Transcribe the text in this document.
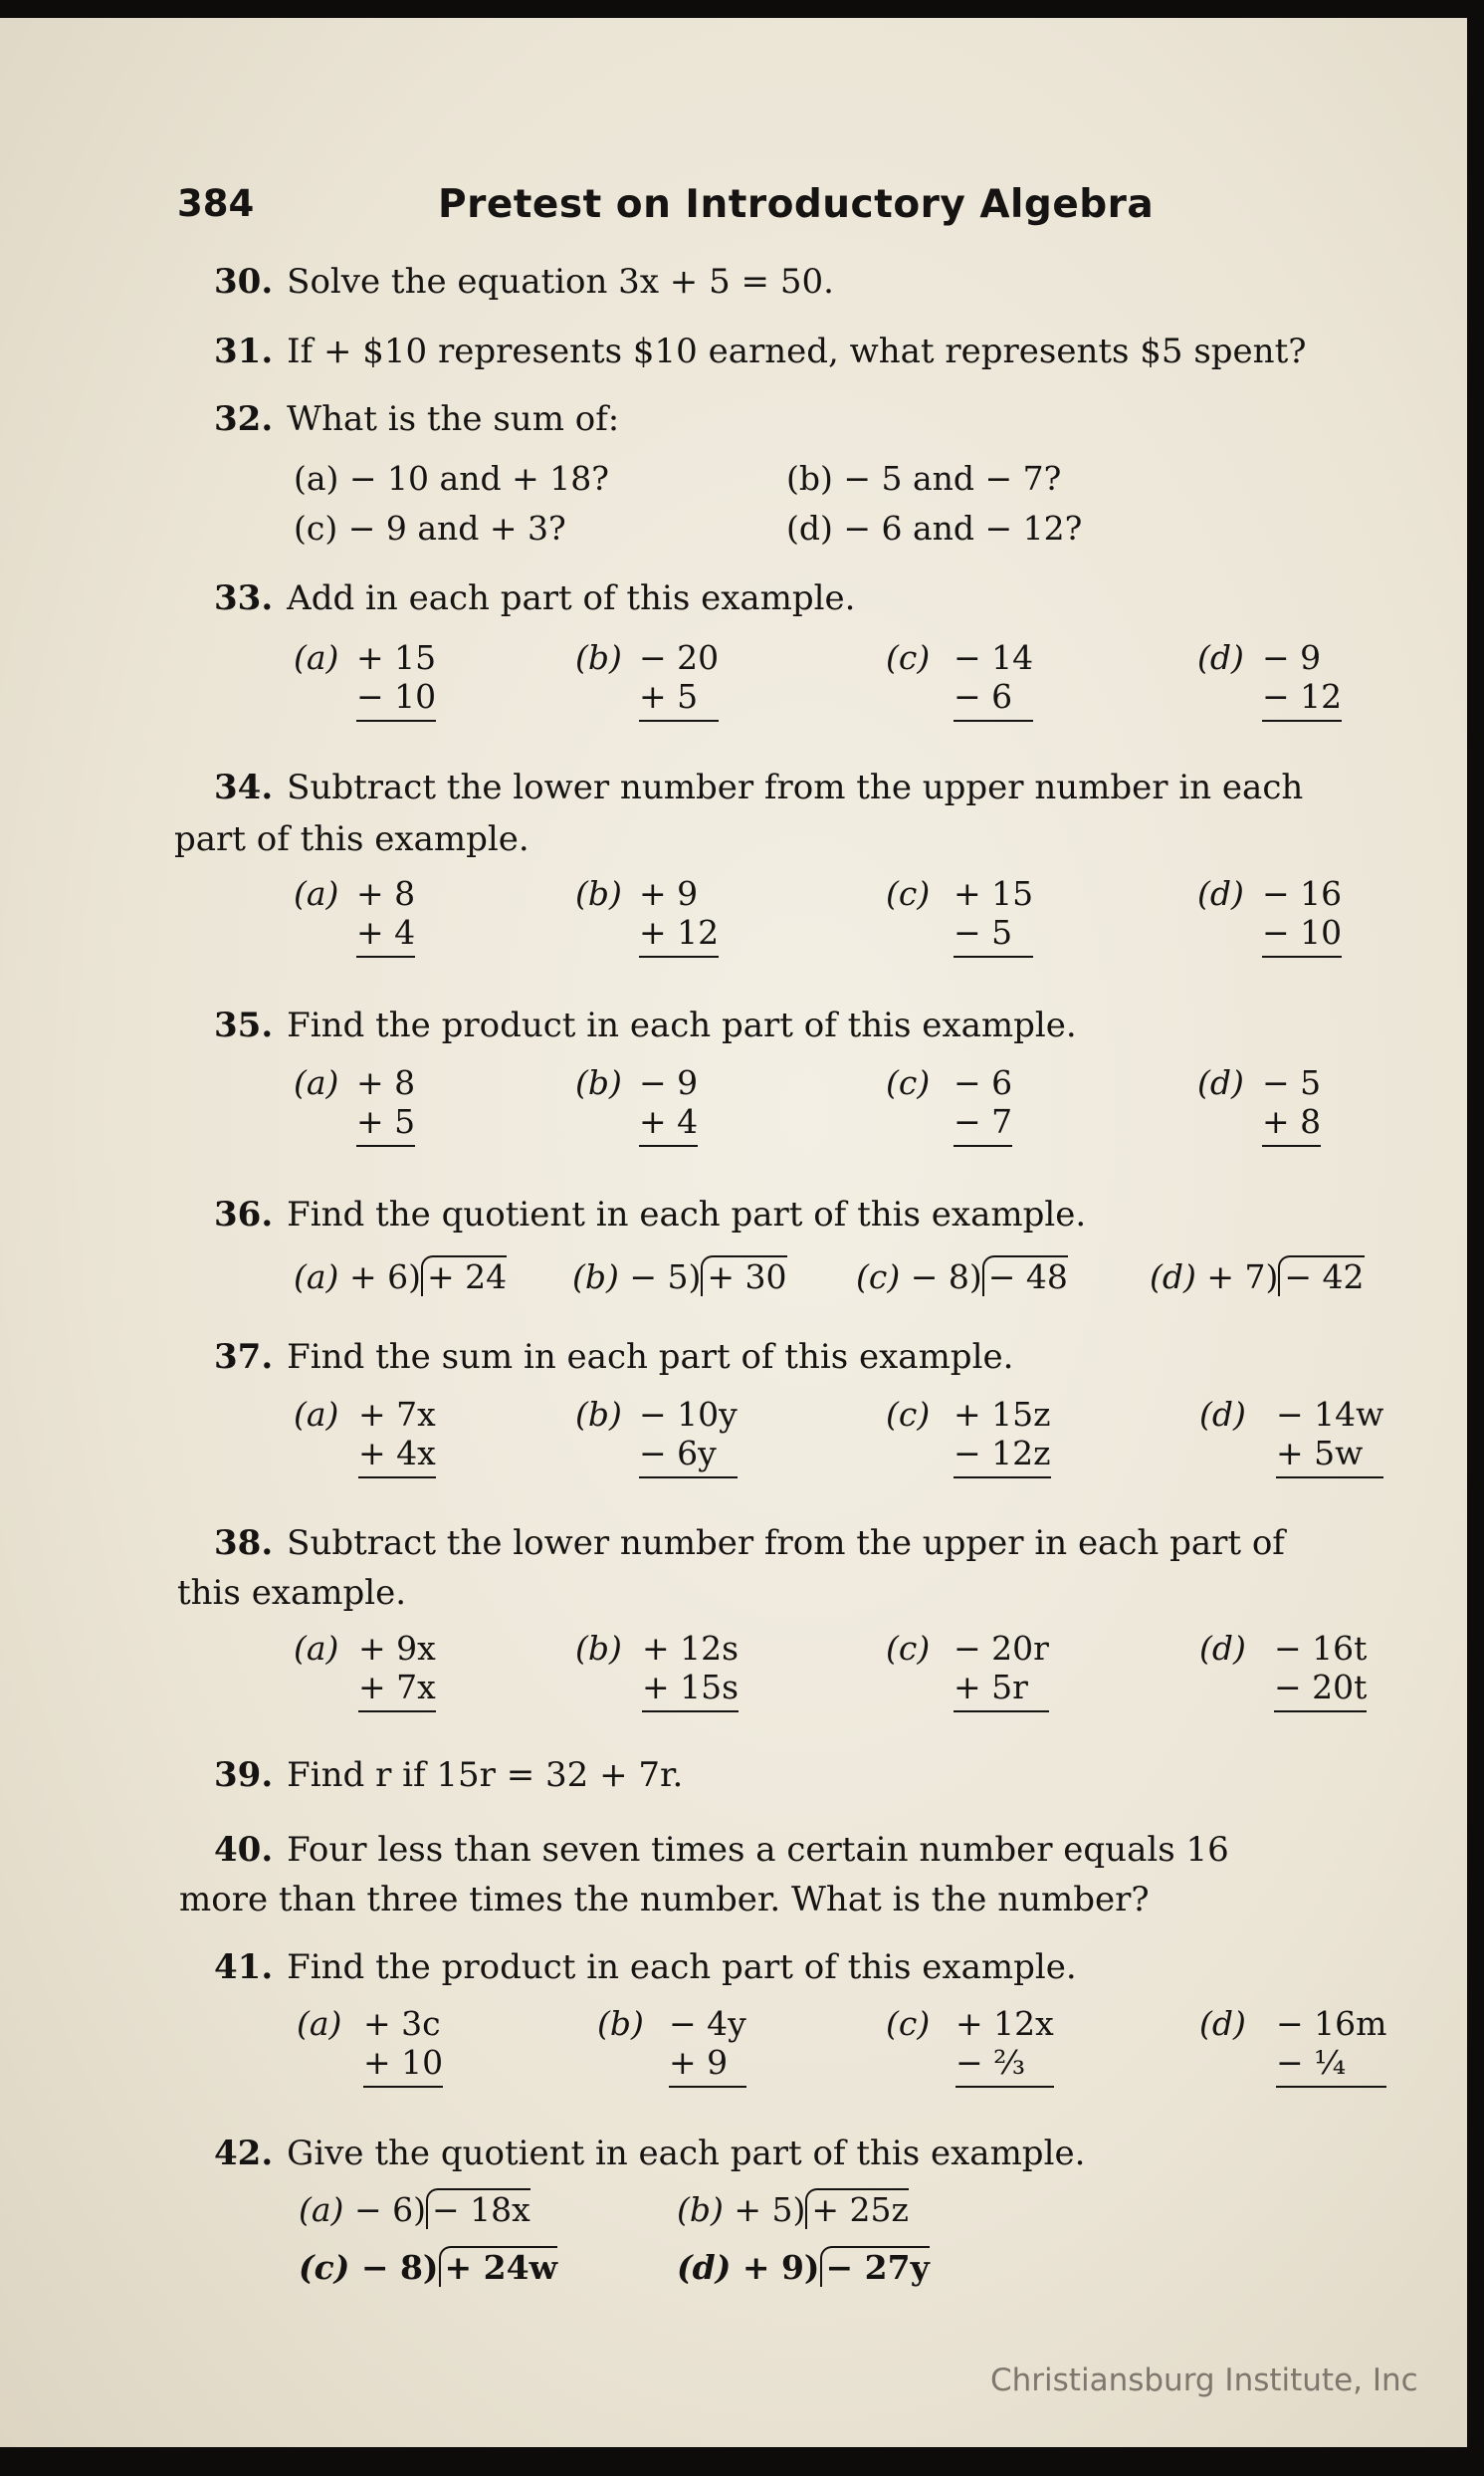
384	Pretest on Introductory Algebra
30. Solve the equation 3x + 5 = 50.
31. If + $10 represents $10 earned, what represents $5 spent?
32. What is the sum of:
(a) − 10 and + 18?	(b) − 5 and − 7?
(c) − 9 and + 3?	(d) − 6 and − 12?
33. Add in each part of this example.
(a) + 15
− 10
(b) − 20
+ 5
(c) − 14
− 6
(d) − 9
− 12
34. Subtract the lower number from the upper number in each
part of this example.
(a) + 8
+ 4
(b) + 9
+ 12
(c) + 15
− 5
(d) − 16
− 10
35. Find the product in each part of this example.
(a) + 8
+ 5
(b) − 9
+ 4
(c) − 6
− 7
(d) − 5
+ 8
36. Find the quotient in each part of this example.
(a) + 6) + 24 (b) − 5) + 30 (c) − 8) − 48 (d) + 7) − 42
37. Find the sum in each part of this example.
(a) + 7x
+ 4x
(b) − 10y
− 6y
(c) + 15z
− 12z
(d) − 14w
+ 5w
38. Subtract the lower number from the upper in each part of
this example.
(a) + 9x
+ 7x
(b) + 12s
+ 15s
(c) − 20r
+ 5r
(d) − 16t
− 20t
39. Find r if 15r = 32 + 7r.
40. Four less than seven times a certain number equals 16
more than three times the number. What is the number?
41. Find the product in each part of this example.
(a) + 3c
+ 10
(b) − 4y
+ 9
(c) + 12x
− ⅔
(d) − 16m
− ¼
42. Give the quotient in each part of this example.
(a) − 6) − 18x	(b) + 5) + 25z
(c) − 8) + 24w	(d) + 9) − 27y
Christiansburg Institute, Inc
